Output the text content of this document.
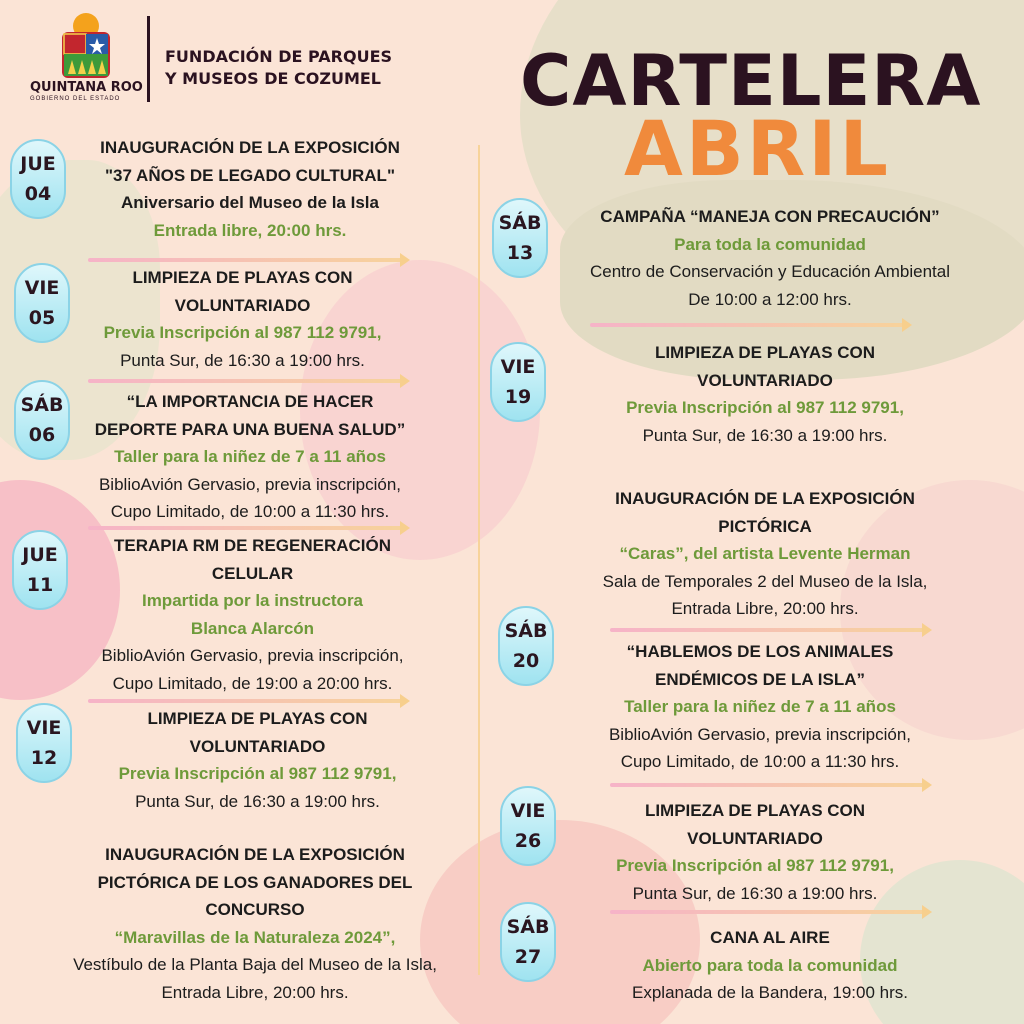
QUINTANA ROO
GOBIERNO DEL ESTADO
FUNDACIÓN DE PARQUES
Y MUSEOS DE COZUMEL CARTELERA
ABRIL
JUE
04
INAUGURACIÓN DE LA EXPOSICIÓN
"37 AÑOS DE LEGADO CULTURAL"
Aniversario del Museo de la Isla
Entrada libre, 20:00 hrs.
VIE
05
LIMPIEZA DE PLAYAS CON
VOLUNTARIADO
Previa Inscripción al 987 112 9791,
Punta Sur, de 16:30 a 19:00 hrs.
SÁB
06
“LA IMPORTANCIA DE HACER
DEPORTE PARA UNA BUENA SALUD”
Taller para la niñez de 7 a 11 años
BiblioAvión Gervasio, previa inscripción,
Cupo Limitado, de 10:00 a 11:30 hrs.
JUE
11
TERAPIA RM DE REGENERACIÓN
CELULAR
Impartida por la instructora
Blanca Alarcón
BiblioAvión Gervasio, previa inscripción,
Cupo Limitado, de 19:00 a 20:00 hrs.
VIE
12
LIMPIEZA DE PLAYAS CON
VOLUNTARIADO
Previa Inscripción al 987 112 9791,
Punta Sur, de 16:30 a 19:00 hrs.
INAUGURACIÓN DE LA EXPOSICIÓN
PICTÓRICA DE LOS GANADORES DEL
CONCURSO
“Maravillas de la Naturaleza 2024”,
Vestíbulo de la Planta Baja del Museo de la Isla,
Entrada Libre, 20:00 hrs.
SÁB
13
CAMPAÑA “MANEJA CON PRECAUCIÓN”
Para toda la comunidad
Centro de Conservación y Educación Ambiental
De 10:00 a 12:00 hrs.
VIE
19
LIMPIEZA DE PLAYAS CON
VOLUNTARIADO
Previa Inscripción al 987 112 9791,
Punta Sur, de 16:30 a 19:00 hrs.
INAUGURACIÓN DE LA EXPOSICIÓN
PICTÓRICA
“Caras”, del artista Levente Herman
Sala de Temporales 2 del Museo de la Isla,
Entrada Libre, 20:00 hrs.
SÁB
20	“HABLEMOS DE LOS ANIMALES
ENDÉMICOS DE LA ISLA”
Taller para la niñez de 7 a 11 años
BiblioAvión Gervasio, previa inscripción,
Cupo Limitado, de 10:00 a 11:30 hrs.
VIE
26
LIMPIEZA DE PLAYAS CON
VOLUNTARIADO
Previa Inscripción al 987 112 9791,
Punta Sur, de 16:30 a 19:00 hrs.
SÁB
27
CANA AL AIRE
Abierto para toda la comunidad
Explanada de la Bandera, 19:00 hrs.
